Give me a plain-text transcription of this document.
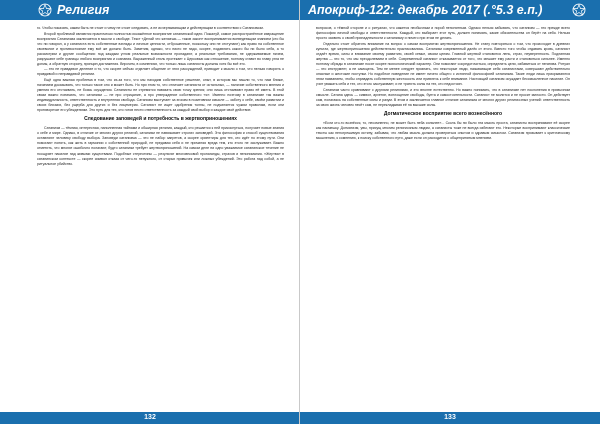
Религия

го. Чтобы показать, каким быть не стоит и чему не стоит следовать, а не исчерпывающим и действующим в соответствии с Сатанизмом.

Второй проблемой являются практически полностью искажённое восприятие сатанинской идеи. Пожалуй, самое распространённое извращение восприятия Сатанизма заключается в мысли о свободе. Текст «Делай что желаешь — таков закон» воспринимается всеведеющим знанием (кто бы что ни говорил, а у сатаниста есть собственные взгляды и личные ценности, отброшенные, поскольку они не отступают) как право на собственное своеволие и противостояние ему всё же должно быть. Заметим, однако, что никто не надо, скорее, подавлять какого бы ни было себя, а то рассмотрим и другие сообщения: под каждым углом реальные возможности пропадают, а реальные требования, не сдерживаемые ничем, разрушают себе границы любого восприятия и сознания. Выраженный стиль протекает с Церковью как отношение, поэтому ставят во главу угла не догмы, а обратную сторону, принцип достижения. Впрочем, в сомнениях, что только лишь сатанисты должны хотя бы всё это.

— это не правдивое деление и то, что скорее сейчас отделяет общение от этих рассуждений, приводит к мысли о том, что нельзя говорить о правдивой и неправдивой религии.

Ещё одна важная проблема в том, что из-за того, что мы находим собственное решение, опыт, в котором мы нашли то, что нам ближе, начинаем доказывать, что только такое оно и может быть. Но при этом то, что отличает сатаниста от остальных, — наличие собственного мнения и умения его отстаивать, не боясь осуждения. Сатанисты не стремятся навязать свою точку зрения; они лишь отстаивают право её иметь. В этой связи важно понимать, что сатанизм — не про отрицание, а про утверждение собственного «я». Именно поэтому в сатанизме так важны индивидуальность, ответственность и внутренняя свобода. Сатанизм выступает за эгоизм в позитивном смысле — заботу о себе, своём развитии и своих близких, без ущерба для других и без лицемерия. Сатанист не ищет одобрения толпы, не подчиняется чужим правилам, если они противоречат его убеждениям. Это путь для тех, кто готов нести ответственность за каждый свой выбор и каждое своё действие.

Следование заповедей и потребность в жертвоприношениях

Сатанизм — тёмная, интересная, наполненная тайнами и обширная религия, каждый, кто решается к ней прикоснуться, получает новые знания о себе и мире. Однако, в отличие от многих других религий, сатанизм не навязывает строгих заповедей. Эта философия и способ существования оставляют человеку свободу выбора. Заповеди сатанизма — это не набор запретов, а скорее ориентиры для тех, кто идёт по этому пути. Они помогают понять, как жить в гармонии с собственной природой, не предавая себя и не причиняя вреда тем, кто этого не заслуживает. Важно отметить, что многие ошибочно полагают, будто сатанизм требует жертвоприношений. На самом деле ни одно уважаемое сатанинское течение не поощряет насилие над живыми существами. Подобные стереотипы — результат многовековой пропаганды, страхов и непонимания. «Жертва» в сатанинском контексте — скорее символ отказа от чего-то ненужного, от старых привычек или ложных убеждений. Это работа над собой, а не ритуальное убийство.

132
Апокриф-122: декабрь 2017 (.°5.3 е.п.)

вопросов, о тёмной стороне и о ритуалах, что кажется необычным и порой непонятным. Однако нельзя забывать, что сатанизм — это прежде всего философия личной свободы и ответственности. Каждый, кто выбирает этот путь, должен понимать, какие обязательства он берёт на себя. Нельзя просто заявить о своей принадлежности к сатанизму и ничего при этом не делать.

Отдельно стоит обратить внимание на вопрос о самом восприятии жертвоприношения. Не стану повторяться о том, что происходит в древних культах, где жертвоприношения действительно практиковались. Сатанизм современный далёк от этого. Вместо того чтобы отдавать кровь, сатанист отдаёт время, силы и внимание своему развитию, своей семье, своим целям. Главной жертвой становится лень, страх, неуверенность. Подлинная жертва — это то, что мы преодолеваем в себе. Современный сатанист отказывается от того, что мешает ему расти и становиться сильнее. Именно поэтому обряды в сатанизме носят скорее психологический характер. Они помогают сосредоточиться, определить цели, избавиться от негатива. Ритуал — это инструмент, а не самоцель. Тем не менее следует признать, что некоторые люди, называющие себя сатанистами, совершают действительно опасные и жестокие поступки. Но подобное поведение не имеет ничего общего с истинной философией сатанизма. Такие люди лишь прикрываются этим названием, чтобы оправдать собственную жестокость или привлечь к себе внимание. Настоящий сатанизм осуждает бессмысленное насилие. Он учит уважать себя и тех, кто этого заслуживает, и не тратить силы на тех, кто недостоин.

Сатанизм часто сравнивают с другими религиями, и это вполне естественно. Но важно понимать, что в сатанизме нет поклонения в привычном смысле. Сатана здесь — символ, архетип, воплощение свободы, бунта и самостоятельности. Сатанист не молится и не просит милости. Он действует сам, полагаясь на собственные силы и разум. В этом и заключается главное отличие сатанизма от многих других религиозных учений: ответственность за свою жизнь человек несёт сам, не перекладывая её на высшие силы.

Догматическое восприятие всего вознесённого

«Если кто-то вознёсся, то, несомненно, не может быть неба сильнее»... Сколь бы ни было эта мысль проста, сатанисты воспринимают её скорее как насмешку. Догматизм, увы, присущ многим религиозным людям, а сатанисты тоже не всегда избегают его. Некоторые воспринимают классические тексты как непогрешимую истину, забывая, что любая мысль должна проверяться опытом и здравым смыслом. Сатанизм призывает к критическому мышлению, к сомнению, к поиску собственного пути, даже если он расходится с общепринятым мнением.

133
